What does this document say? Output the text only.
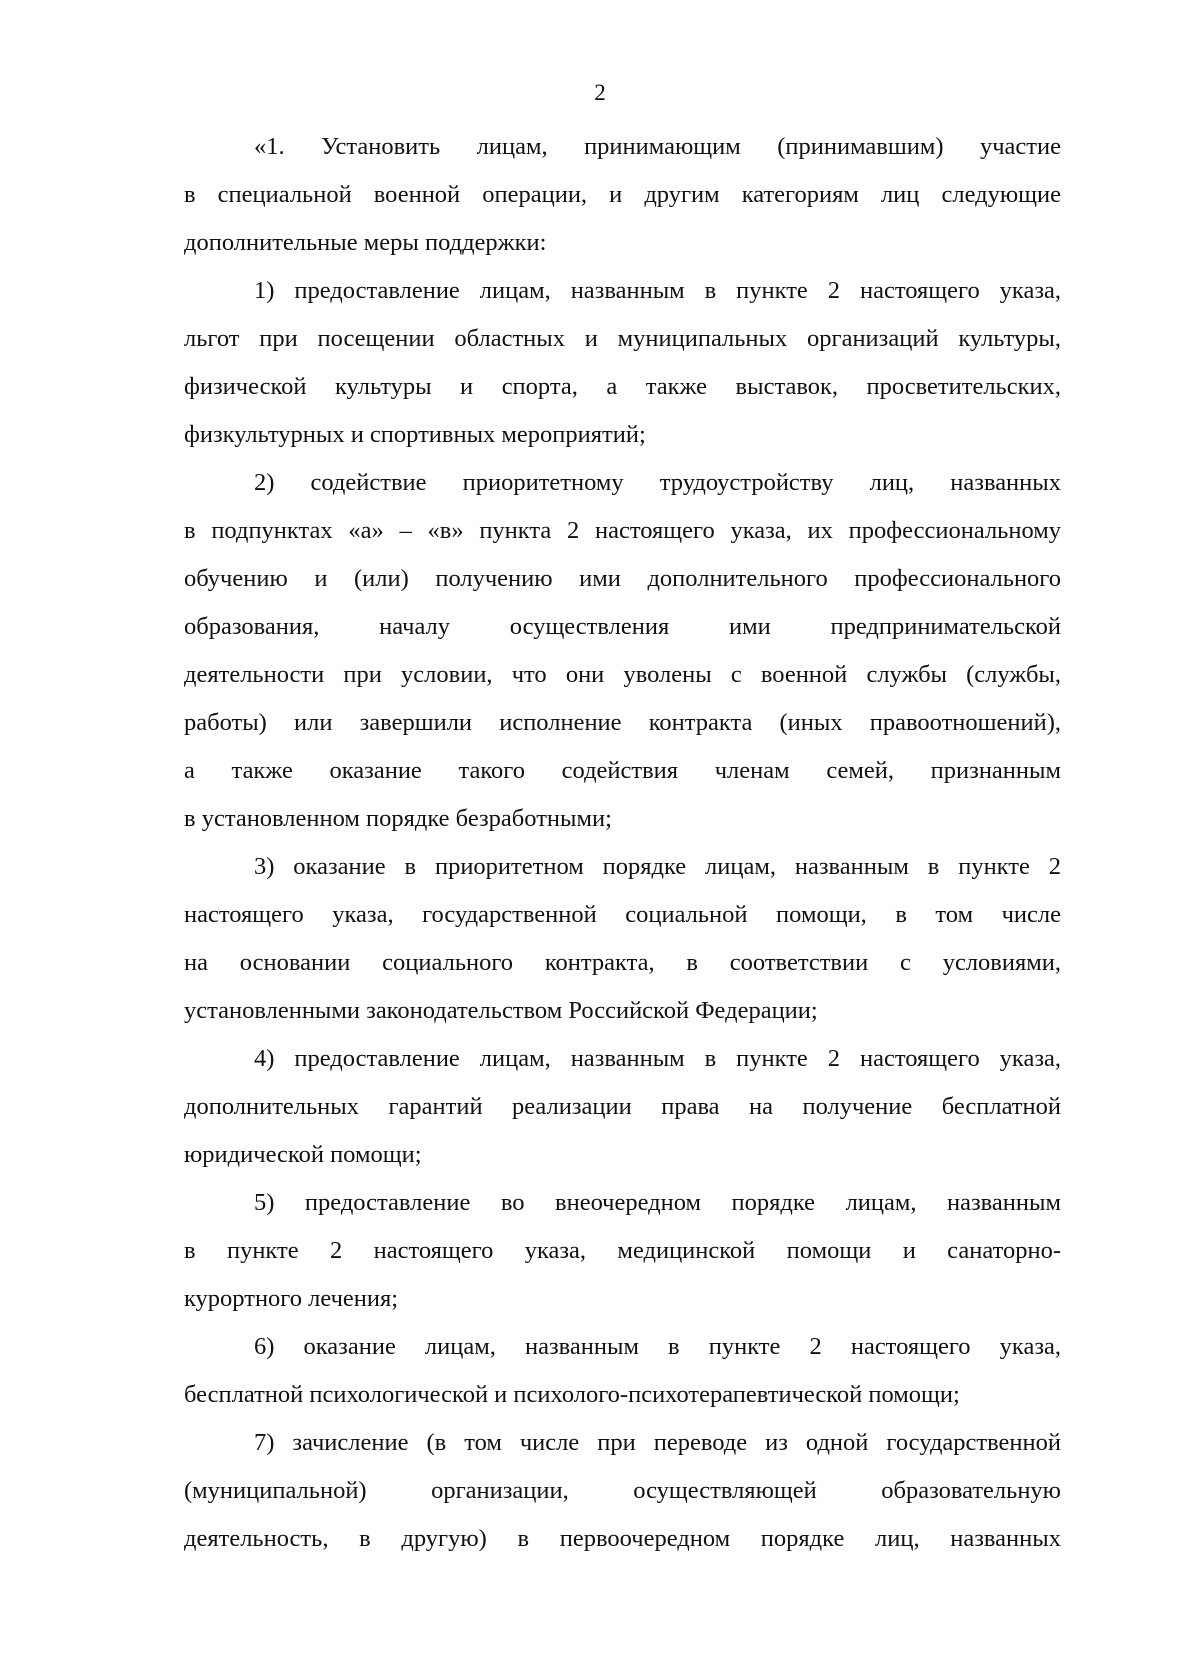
2

«1. Установить лицам, принимающим (принимавшим) участие
в специальной военной операции, и другим категориям лиц следующие
дополнительные меры поддержки:

1) предоставление лицам, названным в пункте 2 настоящего указа,
льгот при посещении областных и муниципальных организаций культуры,
физической культуры и спорта, а также выставок, просветительских,
физкультурных и спортивных мероприятий;

2) содействие приоритетному трудоустройству лиц, названных
в подпунктах «а» – «в» пункта 2 настоящего указа, их профессиональному
обучению и (или) получению ими дополнительного профессионального
образования, началу осуществления ими предпринимательской
деятельности при условии, что они уволены с военной службы (службы,
работы) или завершили исполнение контракта (иных правоотношений),
а также оказание такого содействия членам семей, признанным
в установленном порядке безработными;

3) оказание в приоритетном порядке лицам, названным в пункте 2
настоящего указа, государственной социальной помощи, в том числе
на основании социального контракта, в соответствии с условиями,
установленными законодательством Российской Федерации;

4) предоставление лицам, названным в пункте 2 настоящего указа,
дополнительных гарантий реализации права на получение бесплатной
юридической помощи;

5) предоставление во внеочередном порядке лицам, названным
в пункте 2 настоящего указа, медицинской помощи и санаторно-
курортного лечения;

6) оказание лицам, названным в пункте 2 настоящего указа,
бесплатной психологической и психолого-психотерапевтической помощи;

7) зачисление (в том числе при переводе из одной государственной
(муниципальной) организации, осуществляющей образовательную
деятельность, в другую) в первоочередном порядке лиц, названных
